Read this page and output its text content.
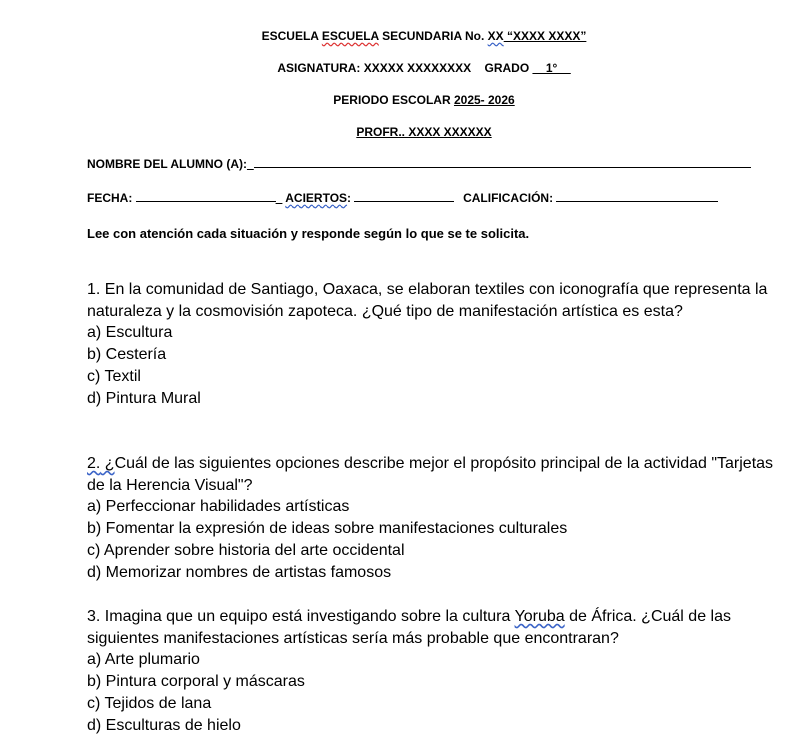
ESCUELA ESCUELA SECUNDARIA No. XX “XXXX XXXX”
ASIGNATURA: XXXXX XXXXXXXX    GRADO __1°__
PERIODO ESCOLAR 2025- 2026
PROFR.. XXXX XXXXXX
NOMBRE DEL ALUMNO (A):_
FECHA:	_ ACIERTOS:	CALIFICACIÓN:
Lee con atención cada situación y responde según lo que se te solicita.

1. En la comunidad de Santiago, Oaxaca, se elaboran textiles con iconografía que representa la naturaleza y la cosmovisión zapoteca. ¿Qué tipo de manifestación artística es esta?

a) Escultura

b) Cestería

c) Textil

d) Pintura Mural

2. ¿Cuál de las siguientes opciones describe mejor el propósito principal de la actividad "Tarjetas de la Herencia Visual"?

a) Perfeccionar habilidades artísticas

b) Fomentar la expresión de ideas sobre manifestaciones culturales

c) Aprender sobre historia del arte occidental

d) Memorizar nombres de artistas famosos

3. Imagina que un equipo está investigando sobre la cultura Yoruba de África. ¿Cuál de las siguientes manifestaciones artísticas sería más probable que encontraran?

a) Arte plumario

b) Pintura corporal y máscaras

c) Tejidos de lana

d) Esculturas de hielo
